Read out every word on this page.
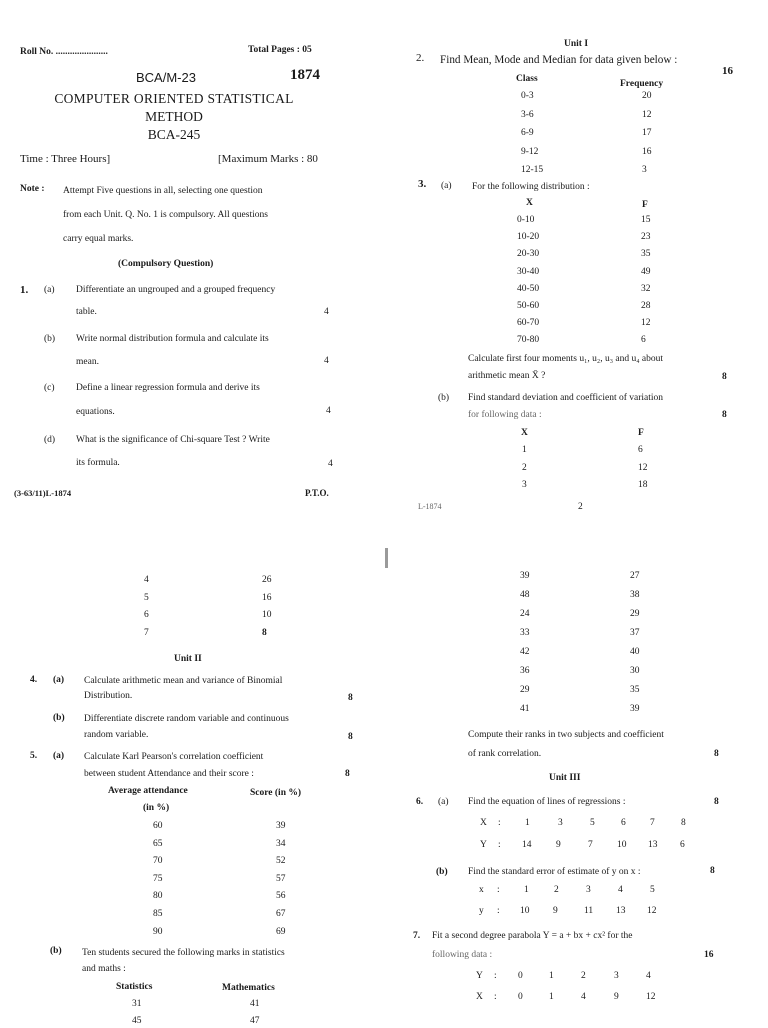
Roll No. ......................	Total Pages : 05
BCA/M-23	1874
COMPUTER ORIENTED STATISTICAL
METHOD
BCA-245
Time : Three Hours]	[Maximum Marks : 80
Note : Attempt Five questions in all, selecting one question
from each Unit. Q. No. 1 is compulsory. All questions
carry equal marks.
(Compulsory Question)
1. (a) Differentiate an ungrouped and a grouped frequency
table.	4
(b) Write normal distribution formula and calculate its
mean.	4
(c) Define a linear regression formula and derive its
equations.	4
(d) What is the significance of Chi-square Test ? Write
its formula.	4
(3-63/11)L-1874	P.T.O.
Unit I
2. Find Mean, Mode and Median for data given below :
16
Class	Frequency
0-3	20
3-6	12
6-9	17
9-12	16
12-15	3
3. (a) For the following distribution :
X	F
0-10	15
10-20	23
20-30	35
30-40	49
40-50	32
50-60	28
60-70	12
70-80	6
Calculate first four moments u₁, u₂, u₃ and u₄ about
arithmetic mean X̄ ?	8
(b) Find standard deviation and coefficient of variation
for following data :	8
X	F
1	6
2	12
3	18
L-1874	2
4	26
5	16
6	10
7	8
Unit II
4. (a) Calculate arithmetic mean and variance of Binomial
Distribution.	8
(b) Differentiate discrete random variable and continuous
random variable.	8
5. (a) Calculate Karl Pearson's correlation coefficient
between student Attendance and their score :	8
Average attendance
(in %)
Score (in %)
60	39
65	34
70	52
75	57
80	56
85	67
90	69
(b) Ten students secured the following marks in statistics
and maths :
Statistics	Mathematics
31	41
45	47
39	27
48	38
24	29
33	37
42	40
36	30
29	35
41	39
Compute their ranks in two subjects and coefficient
of rank correlation.	8
Unit III
6. (a) Find the equation of lines of regressions :	8
X :	1	3	5	6	7	8
Y : 14	9	7	10 13 6
(b) Find the standard error of estimate of y on x :	8
x :	1	2	3	4	5
y : 10 9	11 13 12
7. Fit a second degree parabola Y = a + bx + cx² for the
following data :	16
Y : 0	1	2	3	4
X : 0	1	4	9	12
